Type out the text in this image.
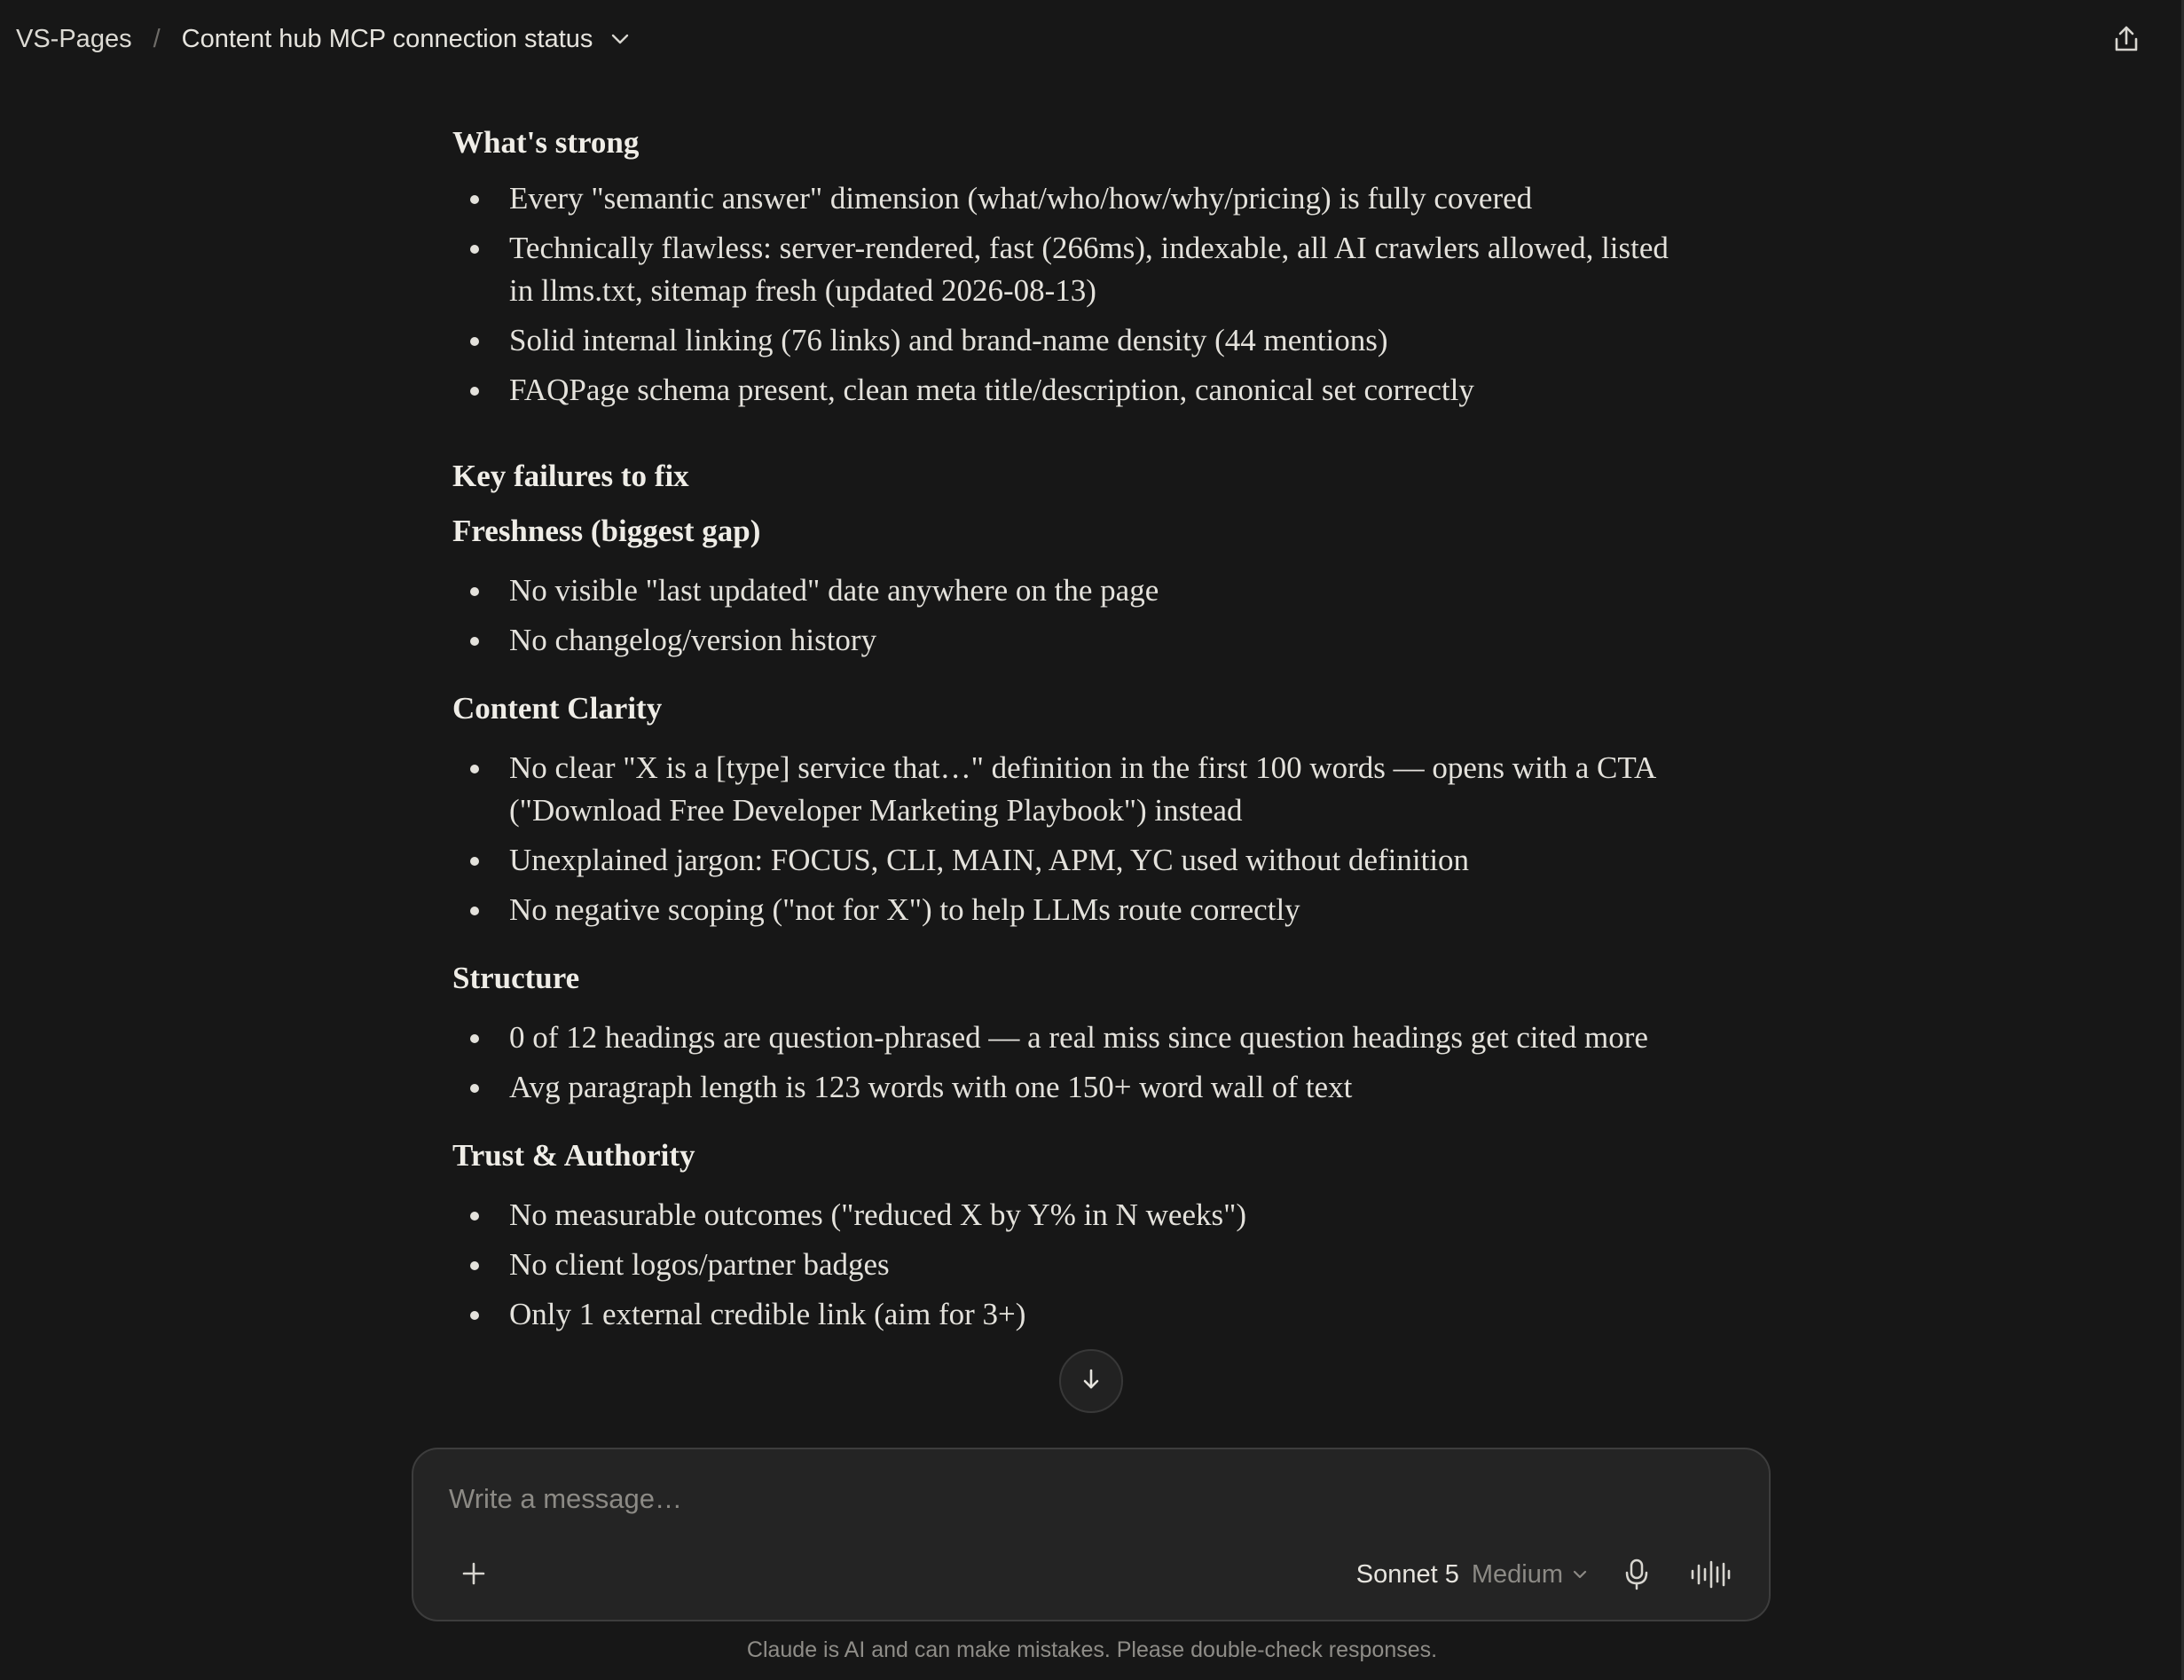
VS-Pages / Content hub MCP connection status
What's strong
Every "semantic answer" dimension (what/who/how/why/pricing) is fully covered
Technically flawless: server-rendered, fast (266ms), indexable, all AI crawlers allowed, listed in llms.txt, sitemap fresh (updated 2026-08-13)
Solid internal linking (76 links) and brand-name density (44 mentions)
FAQPage schema present, clean meta title/description, canonical set correctly
Key failures to fix
Freshness (biggest gap)
No visible "last updated" date anywhere on the page
No changelog/version history
Content Clarity
No clear "X is a [type] service that…" definition in the first 100 words — opens with a CTA ("Download Free Developer Marketing Playbook") instead
Unexplained jargon: FOCUS, CLI, MAIN, APM, YC used without definition
No negative scoping ("not for X") to help LLMs route correctly
Structure
0 of 12 headings are question-phrased — a real miss since question headings get cited more
Avg paragraph length is 123 words with one 150+ word wall of text
Trust & Authority
No measurable outcomes ("reduced X by Y% in N weeks")
No client logos/partner badges
Only 1 external credible link (aim for 3+)
Write a message…
Sonnet 5 Medium
Claude is AI and can make mistakes. Please double-check responses.
